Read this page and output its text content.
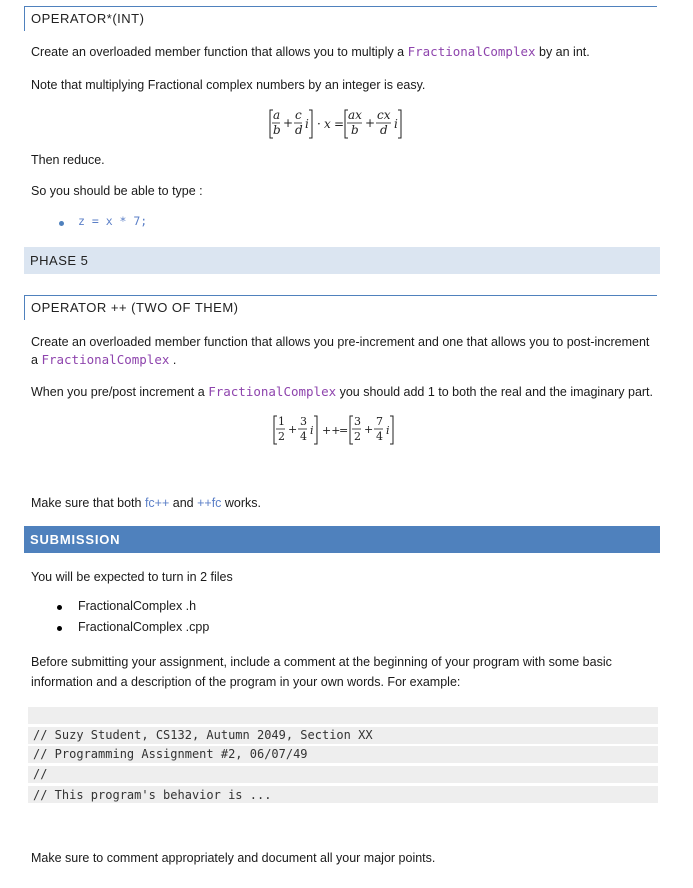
OPERATOR*(INT)
Create an overloaded member function that allows you to multiply a FractionalComplex by an int.
Note that multiplying Fractional complex numbers by an integer is easy.
a
b +
c
d i · x =
ax
b +
cx
d i
Then reduce.
So you should be able to type :
z = x * 7;
PHASE 5
OPERATOR ++ (TWO OF THEM)
Create an overloaded member function that allows you pre-increment and one that allows you to post-increment
a FractionalComplex .
When you pre/post increment a FractionalComplex you should add 1 to both the real and the imaginary part.
1
2
+
3
4 i ++
=
3
2
+
7
4 i
Make sure that both fc++ and ++fc works.
SUBMISSION
You will be expected to turn in 2 files
FractionalComplex .h
FractionalComplex .cpp
Before submitting your assignment, include a comment at the beginning of your program with some basic
information and a description of the program in your own words. For example:
// Suzy Student, CS132, Autumn 2049, Section XX
// Programming Assignment #2, 06/07/49
//
// This program's behavior is ...
Make sure to comment appropriately and document all your major points.
